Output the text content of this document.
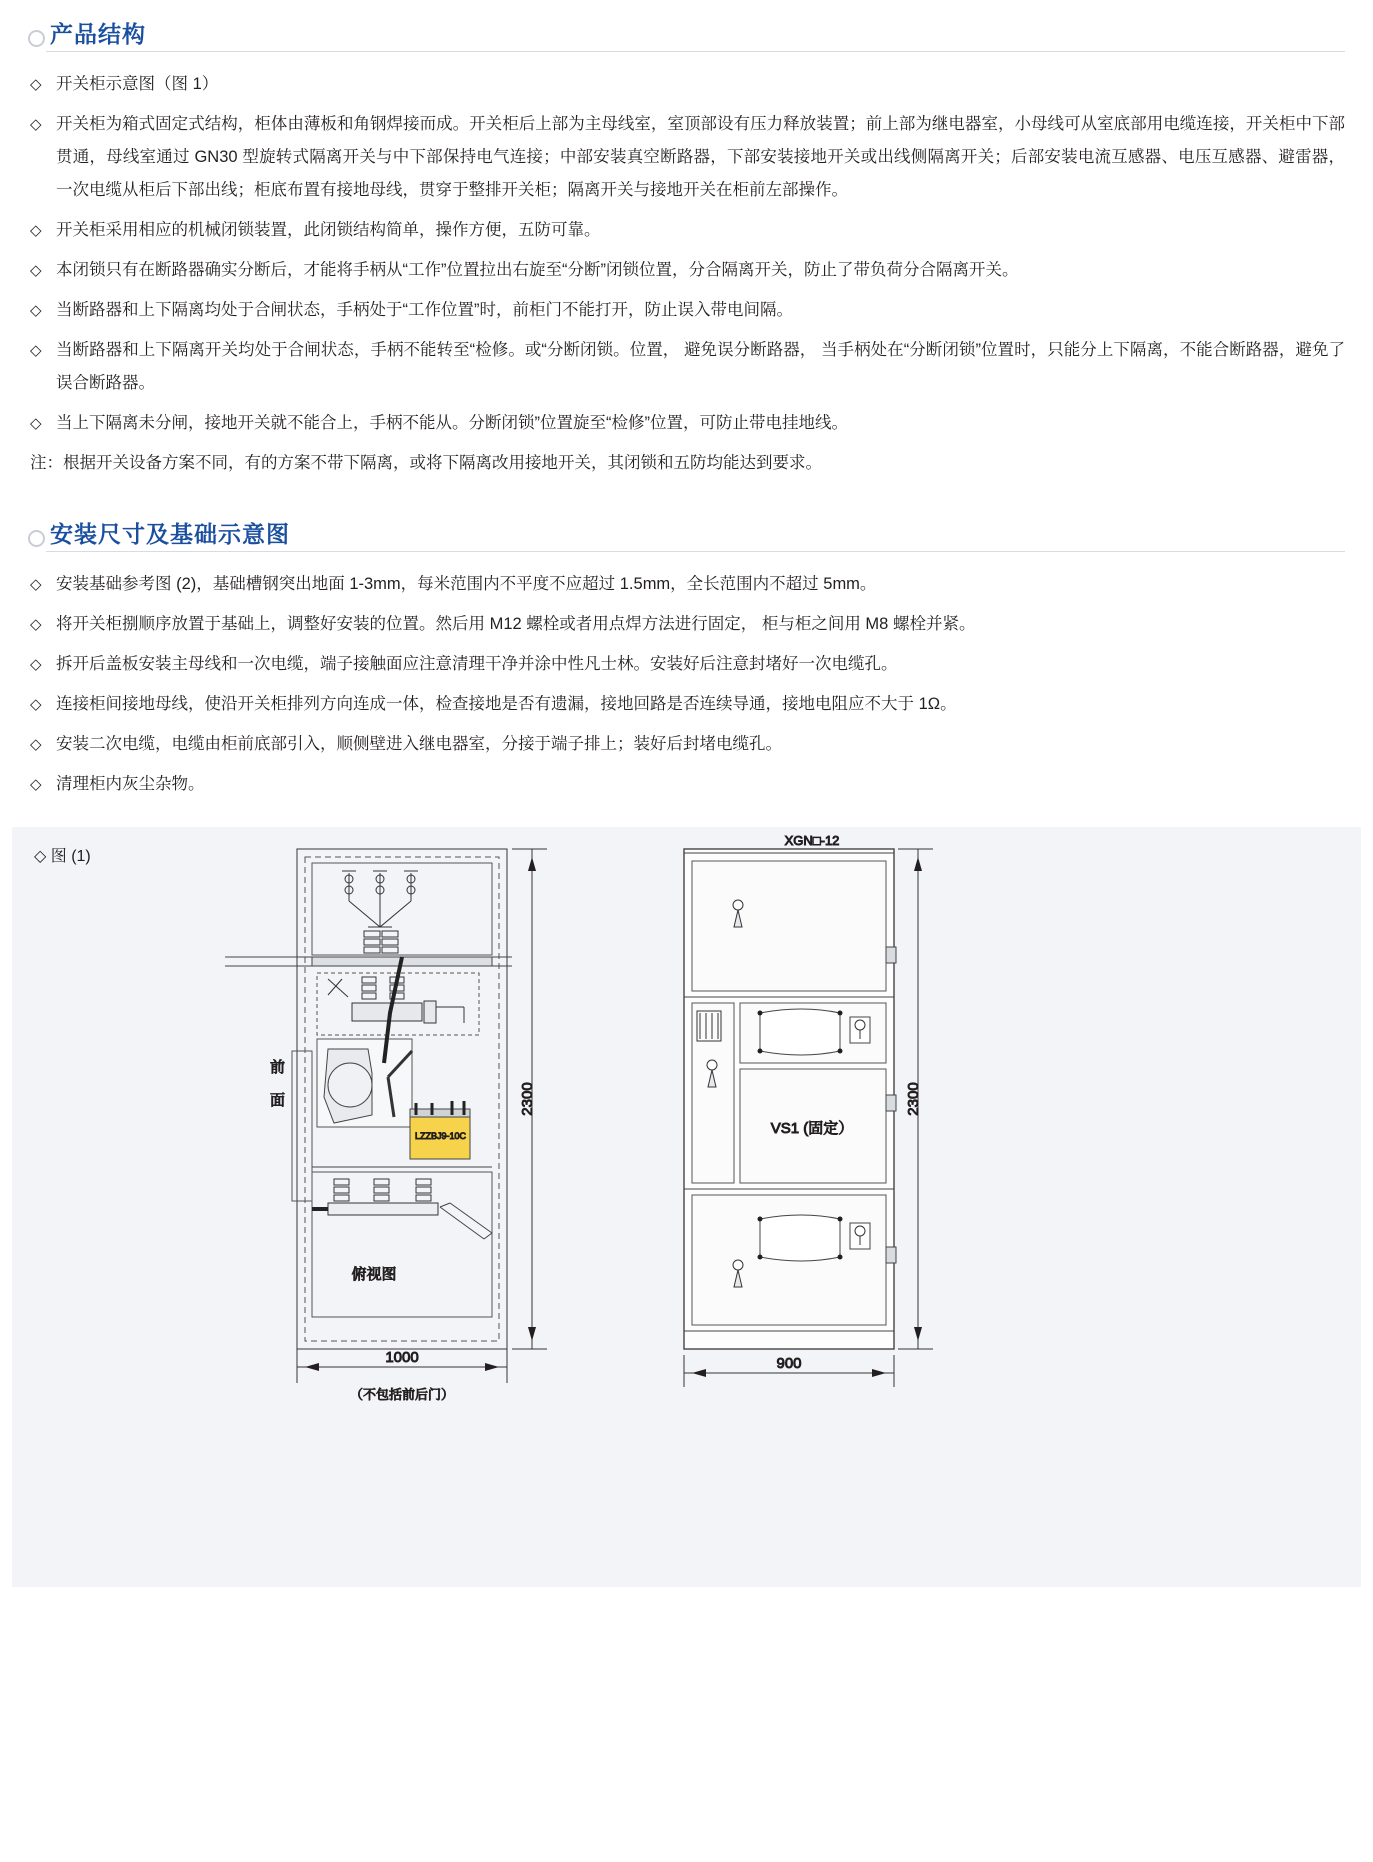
产品结构
◇ 开关柜示意图（图 1）
◇ 开关柜为箱式固定式结构，柜体由薄板和角钢焊接而成。开关柜后上部为主母线室，室顶部设有压力释放装置；前上部为继电器室，小母线可从室底部用电缆连接，开关柜中下部贯通，母线室通过 GN30 型旋转式隔离开关与中下部保持电气连接；中部安装真空断路器，下部安装接地开关或出线侧隔离开关；后部安装电流互感器、电压互感器、避雷器，一次电缆从柜后下部出线；柜底布置有接地母线，贯穿于整排开关柜；隔离开关与接地开关在柜前左部操作。
◇ 开关柜采用相应的机械闭锁装置，此闭锁结构简单，操作方便，五防可靠。
◇ 本闭锁只有在断路器确实分断后，才能将手柄从“工作”位置拉出右旋至“分断”闭锁位置，分合隔离开关，防止了带负荷分合隔离开关。
◇ 当断路器和上下隔离均处于合闸状态，手柄处于“工作位置”时，前柜门不能打开，防止误入带电间隔。
◇ 当断路器和上下隔离开关均处于合闸状态，手柄不能转至“检修。或“分断闭锁。位置， 避免误分断路器， 当手柄处在“分断闭锁”位置时，只能分上下隔离，不能合断路器，避免了误合断路器。
◇ 当上下隔离未分闸，接地开关就不能合上，手柄不能从。分断闭锁”位置旋至“检修”位置，可防止带电挂地线。
注：根据开关设备方案不同，有的方案不带下隔离，或将下隔离改用接地开关，其闭锁和五防均能达到要求。
安装尺寸及基础示意图
◇ 安装基础参考图 (2)，基础槽钢突出地面 1-3mm，每米范围内不平度不应超过 1.5mm，全长范围内不超过 5mm。
◇ 将开关柜捌顺序放置于基础上，调整好安装的位置。然后用 M12 螺栓或者用点焊方法进行固定， 柜与柜之间用 M8 螺栓并紧。
◇ 拆开后盖板安装主母线和一次电缆，端子接触面应注意清理干净并涂中性凡士林。安装好后注意封堵好一次电缆孔。
◇ 连接柜间接地母线，使沿开关柜排列方向连成一体，检查接地是否有遗漏，接地回路是否连续导通，接地电阻应不大于 1Ω。
◇ 安装二次电缆，电缆由柜前底部引入，顺侧壁进入继电器室，分接于端子排上；装好后封堵电缆孔。
◇ 清理柜内灰尘杂物。
◇ 图 (1)
LZZBJ9-10C
俯视图
前
面	2300
1000
（不包括前后门）
XGN□-12
VS1 (固定）
2300
900
